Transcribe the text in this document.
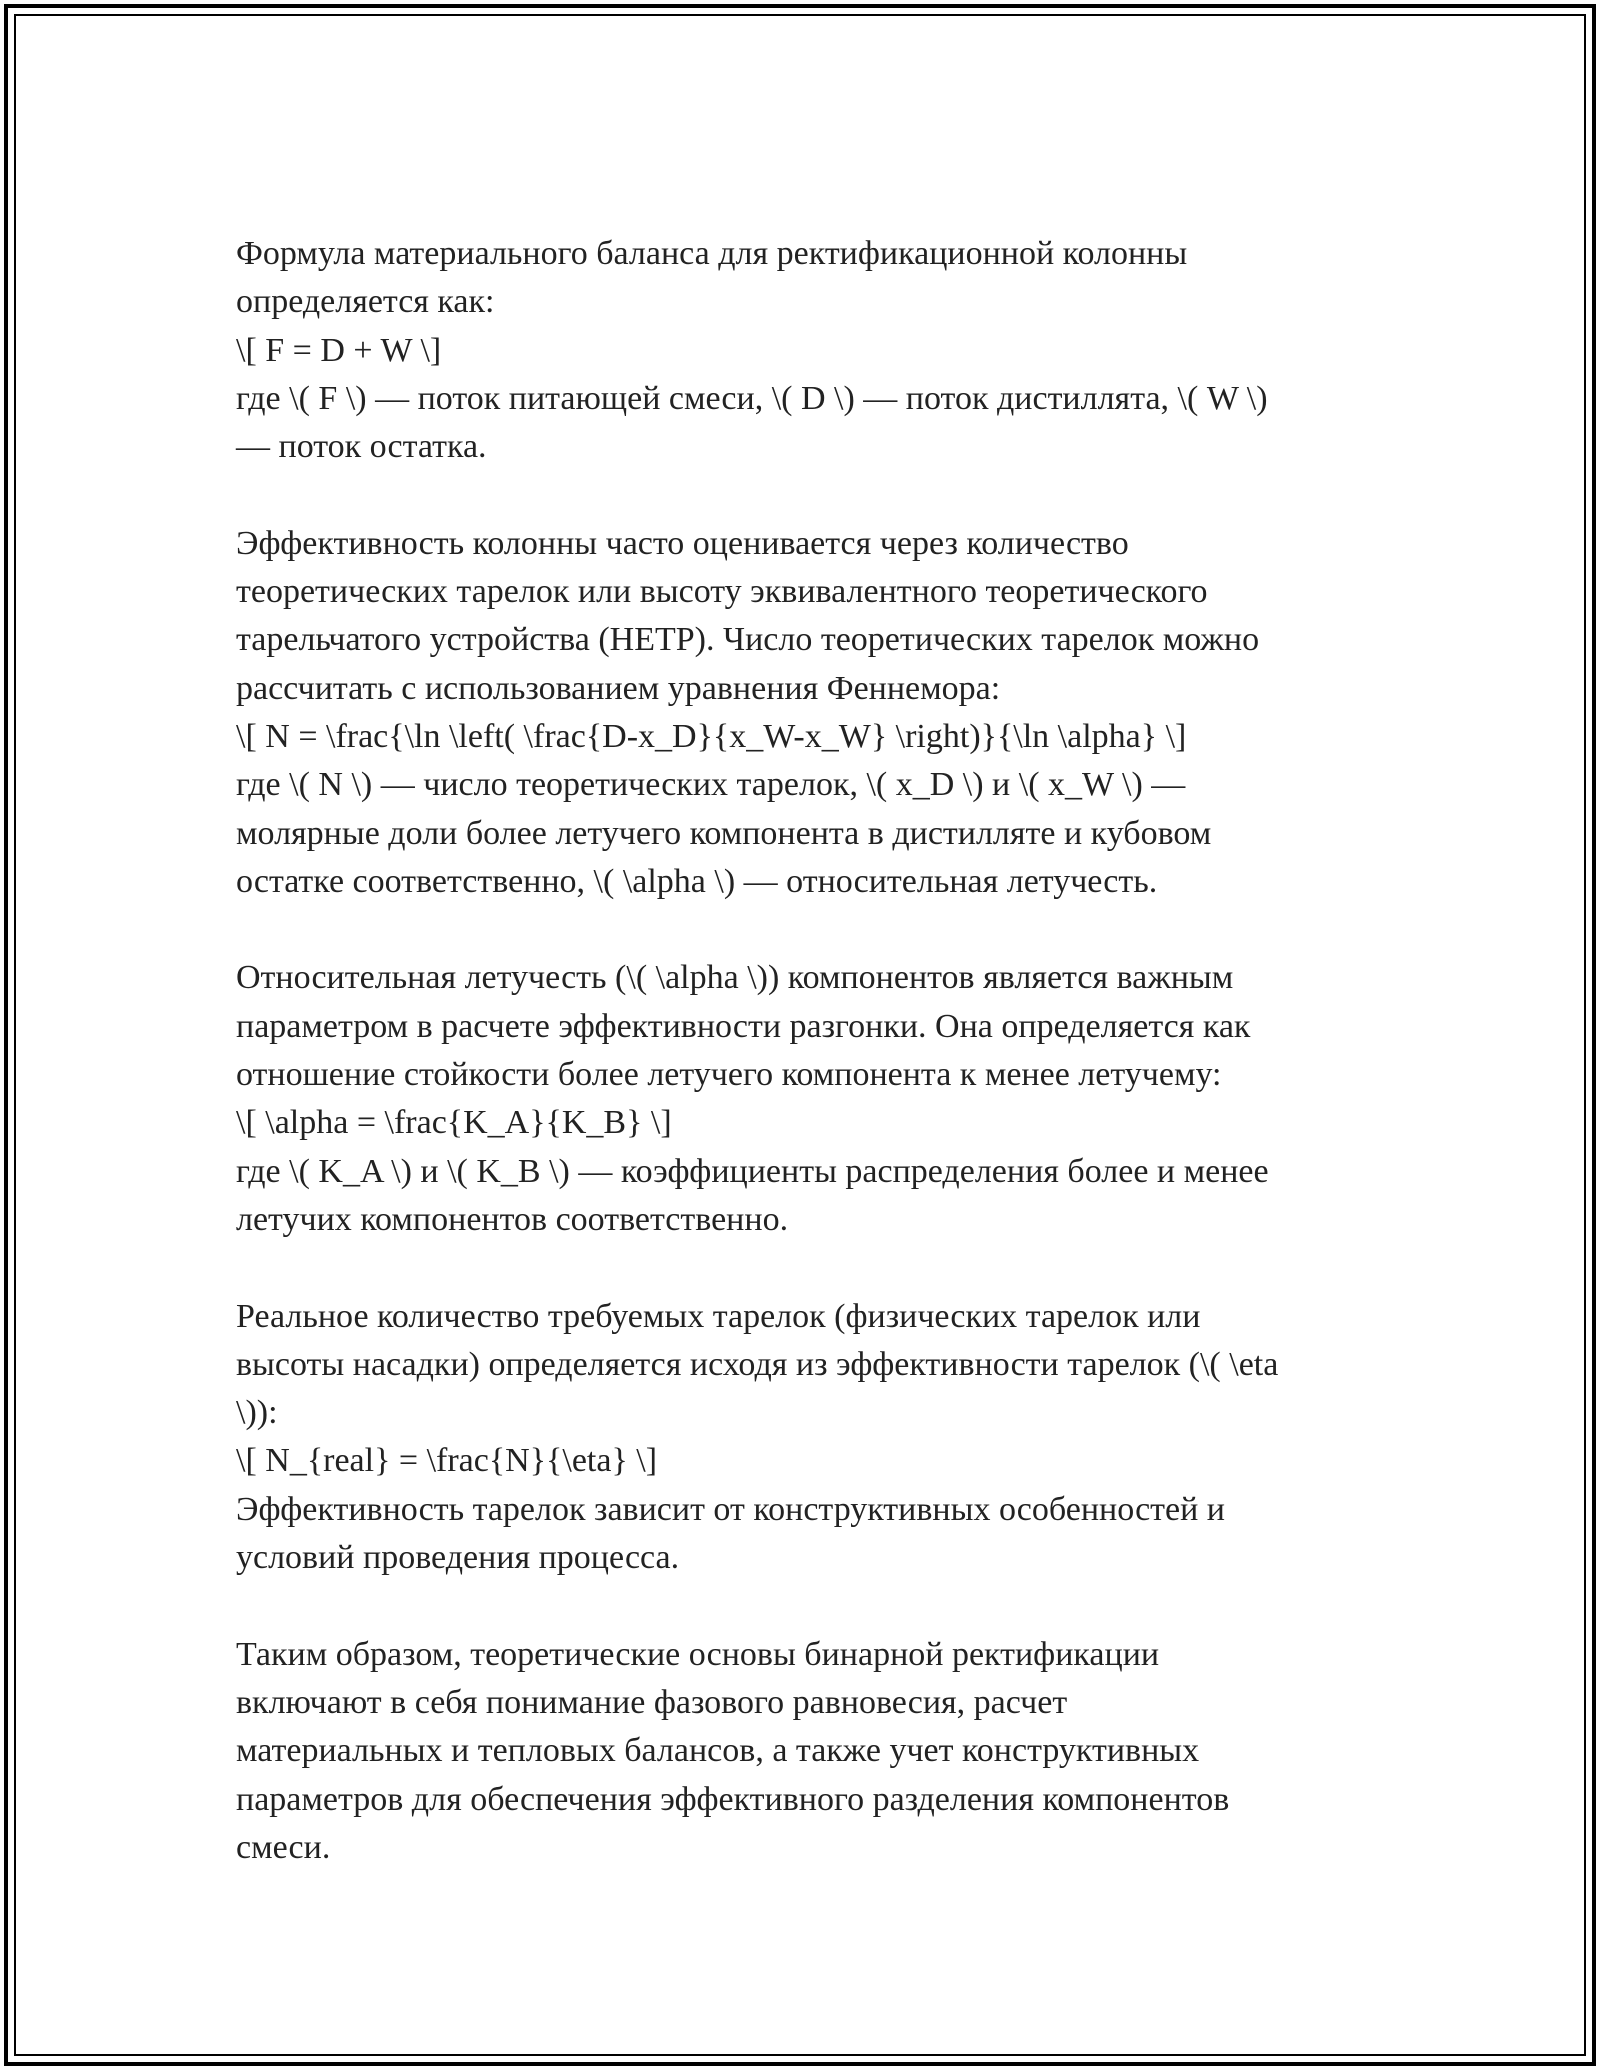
Формула материального баланса для ректификационной колонны
определяется как:
\[ F = D + W \]
где \( F \) — поток питающей смеси, \( D \) — поток дистиллята, \( W \)
— поток остатка.

Эффективность колонны часто оценивается через количество
теоретических тарелок или высоту эквивалентного теоретического
тарельчатого устройства (HETP). Число теоретических тарелок можно
рассчитать с использованием уравнения Феннемора:
\[ N = \frac{\ln \left( \frac{D-x_D}{x_W-x_W} \right)}{\ln \alpha} \]
где \( N \) — число теоретических тарелок, \( x_D \) и \( x_W \) —
молярные доли более летучего компонента в дистилляте и кубовом
остатке соответственно, \( \alpha \) — относительная летучесть.

Относительная летучесть (\( \alpha \)) компонентов является важным
параметром в расчете эффективности разгонки. Она определяется как
отношение стойкости более летучего компонента к менее летучему:
\[ \alpha = \frac{K_A}{K_B} \]
где \( K_A \) и \( K_B \) — коэффициенты распределения более и менее
летучих компонентов соответственно.

Реальное количество требуемых тарелок (физических тарелок или
высоты насадки) определяется исходя из эффективности тарелок (\( \eta
\)):
\[ N_{real} = \frac{N}{\eta} \]
Эффективность тарелок зависит от конструктивных особенностей и
условий проведения процесса.

Таким образом, теоретические основы бинарной ректификации
включают в себя понимание фазового равновесия, расчет
материальных и тепловых балансов, а также учет конструктивных
параметров для обеспечения эффективного разделения компонентов
смеси.
